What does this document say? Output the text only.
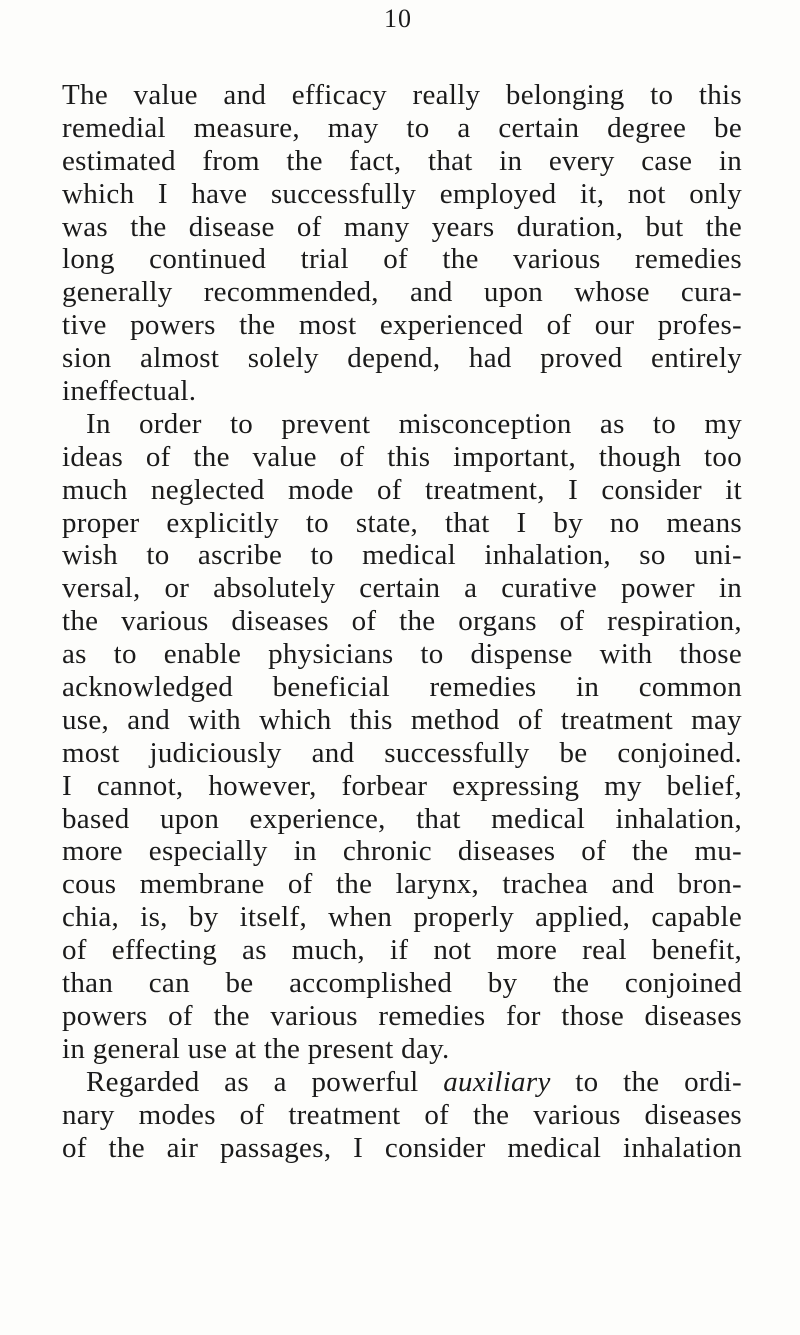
10
The value and efficacy really belonging to this
remedial measure, may to a certain degree be
estimated from the fact, that in every case in
which I have successfully employed it, not only
was the disease of many years duration, but the
long continued trial of the various remedies
generally recommended, and upon whose cura-
tive powers the most experienced of our profes-
sion almost solely depend, had proved entirely
ineffectual.
In order to prevent misconception as to my
ideas of the value of this important, though too
much neglected mode of treatment, I consider it
proper explicitly to state, that I by no means
wish to ascribe to medical inhalation, so uni-
versal, or absolutely certain a curative power in
the various diseases of the organs of respiration,
as to enable physicians to dispense with those
acknowledged beneficial remedies in common
use, and with which this method of treatment may
most judiciously and successfully be conjoined.
I cannot, however, forbear expressing my belief,
based upon experience, that medical inhalation,
more especially in chronic diseases of the mu-
cous membrane of the larynx, trachea and bron-
chia, is, by itself, when properly applied, capable
of effecting as much, if not more real benefit,
than can be accomplished by the conjoined
powers of the various remedies for those diseases
in general use at the present day.
Regarded as a powerful auxiliary to the ordi-
nary modes of treatment of the various diseases
of the air passages, I consider medical inhalation
